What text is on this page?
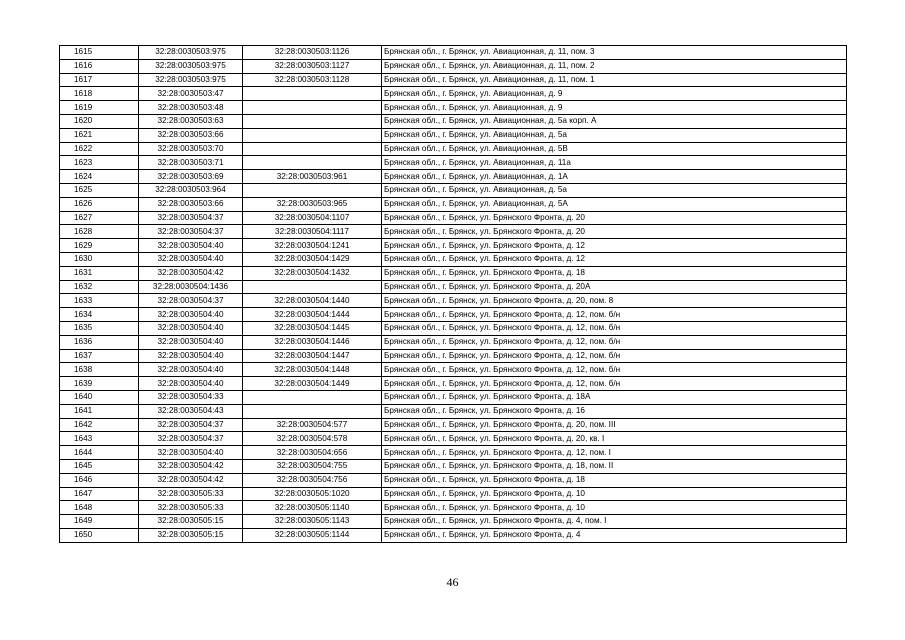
1615	32:28:0030503:975	32:28:0030503:1126	Брянская обл., г. Брянск, ул. Авиационная, д. 11, пом. 3
1616	32:28:0030503:975	32:28:0030503:1127	Брянская обл., г. Брянск, ул. Авиационная, д. 11, пом. 2
1617	32:28:0030503:975	32:28:0030503:1128	Брянская обл., г. Брянск, ул. Авиационная, д. 11, пом. 1
1618	32:28:0030503:47		Брянская обл., г. Брянск, ул. Авиационная, д. 9
1619	32:28:0030503:48		Брянская обл., г. Брянск, ул. Авиационная, д. 9
1620	32:28:0030503:63		Брянская обл., г. Брянск, ул. Авиационная, д. 5а корп. А
1621	32:28:0030503:66		Брянская обл., г. Брянск, ул. Авиационная, д. 5а
1622	32:28:0030503:70		Брянская обл., г. Брянск, ул. Авиационная, д. 5В
1623	32:28:0030503:71		Брянская обл., г. Брянск, ул. Авиационная, д. 11а
1624	32:28:0030503:69	32:28:0030503:961	Брянская обл., г. Брянск, ул. Авиационная, д. 1А
1625	32:28:0030503:964		Брянская обл., г. Брянск, ул. Авиационная, д. 5а
1626	32:28:0030503:66	32:28:0030503:965	Брянская обл., г. Брянск, ул. Авиационная, д. 5А
1627	32:28:0030504:37	32:28:0030504:1107	Брянская обл., г. Брянск, ул. Брянского Фронта, д. 20
1628	32:28:0030504:37	32:28:0030504:1117	Брянская обл., г. Брянск, ул. Брянского Фронта, д. 20
1629	32:28:0030504:40	32:28:0030504:1241	Брянская обл., г. Брянск, ул. Брянского Фронта, д. 12
1630	32:28:0030504:40	32:28:0030504:1429	Брянская обл., г. Брянск, ул. Брянского Фронта, д. 12
1631	32:28:0030504:42	32:28:0030504:1432	Брянская обл., г. Брянск, ул. Брянского Фронта, д. 18
1632	32:28:0030504:1436		Брянская обл., г. Брянск, ул. Брянского Фронта, д. 20А
1633	32:28:0030504:37	32:28:0030504:1440	Брянская обл., г. Брянск, ул. Брянского Фронта, д. 20, пом. 8
1634	32:28:0030504:40	32:28:0030504:1444	Брянская обл., г. Брянск, ул. Брянского Фронта, д. 12, пом. б/н
1635	32:28:0030504:40	32:28:0030504:1445	Брянская обл., г. Брянск, ул. Брянского Фронта, д. 12, пом. б/н
1636	32:28:0030504:40	32:28:0030504:1446	Брянская обл., г. Брянск, ул. Брянского Фронта, д. 12, пом. б/н
1637	32:28:0030504:40	32:28:0030504:1447	Брянская обл., г. Брянск, ул. Брянского Фронта, д. 12, пом. б/н
1638	32:28:0030504:40	32:28:0030504:1448	Брянская обл., г. Брянск, ул. Брянского Фронта, д. 12, пом. б/н
1639	32:28:0030504:40	32:28:0030504:1449	Брянская обл., г. Брянск, ул. Брянского Фронта, д. 12, пом. б/н
1640	32:28:0030504:33		Брянская обл., г. Брянск, ул. Брянского Фронта, д. 18А
1641	32:28:0030504:43		Брянская обл., г. Брянск, ул. Брянского Фронта, д. 16
1642	32:28:0030504:37	32:28:0030504:577	Брянская обл., г. Брянск, ул. Брянского Фронта, д. 20, пом. III
1643	32:28:0030504:37	32:28:0030504:578	Брянская обл., г. Брянск, ул. Брянского Фронта, д. 20, кв. I
1644	32:28:0030504:40	32:28:0030504:656	Брянская обл., г. Брянск, ул. Брянского Фронта, д. 12, пом. I
1645	32:28:0030504:42	32:28:0030504:755	Брянская обл., г. Брянск, ул. Брянского Фронта, д. 18, пом. II
1646	32:28:0030504:42	32:28:0030504:756	Брянская обл., г. Брянск, ул. Брянского Фронта, д. 18
1647	32:28:0030505:33	32:28:0030505:1020	Брянская обл., г. Брянск, ул. Брянского Фронта, д. 10
1648	32:28:0030505:33	32:28:0030505:1140	Брянская обл., г. Брянск, ул. Брянского Фронта, д. 10
1649	32:28:0030505:15	32:28:0030505:1143	Брянская обл., г. Брянск, ул. Брянского Фронта, д. 4, пом. I
1650	32:28:0030505:15	32:28:0030505:1144	Брянская обл., г. Брянск, ул. Брянского Фронта, д. 4
46
